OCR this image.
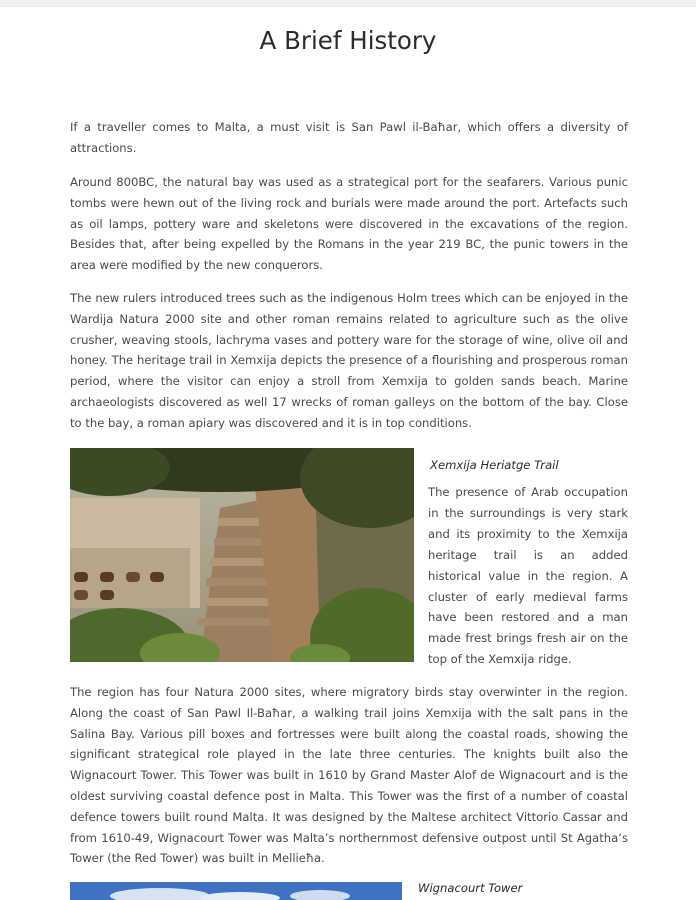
A Brief History

If a traveller comes to Malta, a must visit is San Pawl il-Baħar, which offers a diversity of attractions.

Around 800BC, the natural bay was used as a strategical port for the seafarers. Various punic tombs were hewn out of the living rock and burials were made around the port. Artefacts such as oil lamps, pottery ware and skeletons were discovered in the excavations of the region. Besides that, after being expelled by the Romans in the year 219 BC, the punic towers in the area were modified by the new conquerors.

The new rulers introduced trees such as the indigenous Holm trees which can be enjoyed in the Wardija Natura 2000 site and other roman remains related to agriculture such as the olive crusher, weaving stools, lachryma vases and pottery ware for the storage of wine, olive oil and honey. The heritage trail in Xemxija depicts the presence of a flourishing and prosperous roman period, where the visitor can enjoy a stroll from Xemxija to golden sands beach. Marine archaeologists discovered as well 17 wrecks of roman galleys on the bottom of the bay. Close to the bay, a roman apiary was discovered and it is in top conditions.

Xemxija Heriatge Trail

The presence of Arab occupation in the surroundings is very stark and its proximity to the Xemxija heritage trail is an added historical value in the region. A cluster of early medieval farms have been restored and a man made frest brings fresh air on the top of the Xemxija ridge.

The region has four Natura 2000 sites, where migratory birds stay overwinter in the region. Along the coast of San Pawl Il-Baħar, a walking trail joins Xemxija with the salt pans in the Salina Bay. Various pill boxes and fortresses were built along the coastal roads, showing the significant strategical role played in the late three centuries. The knights built also the Wignacourt Tower. This Tower was built in 1610 by Grand Master Alof de Wignacourt and is the oldest surviving coastal defence post in Malta. This Tower was the first of a number of coastal defence towers built round Malta. It was designed by the Maltese architect Vittorio Cassar and from 1610-49, Wignacourt Tower was Malta’s northernmost defensive outpost until St Agatha’s Tower (the Red Tower) was built in Mellieħa.

Wignacourt Tower
